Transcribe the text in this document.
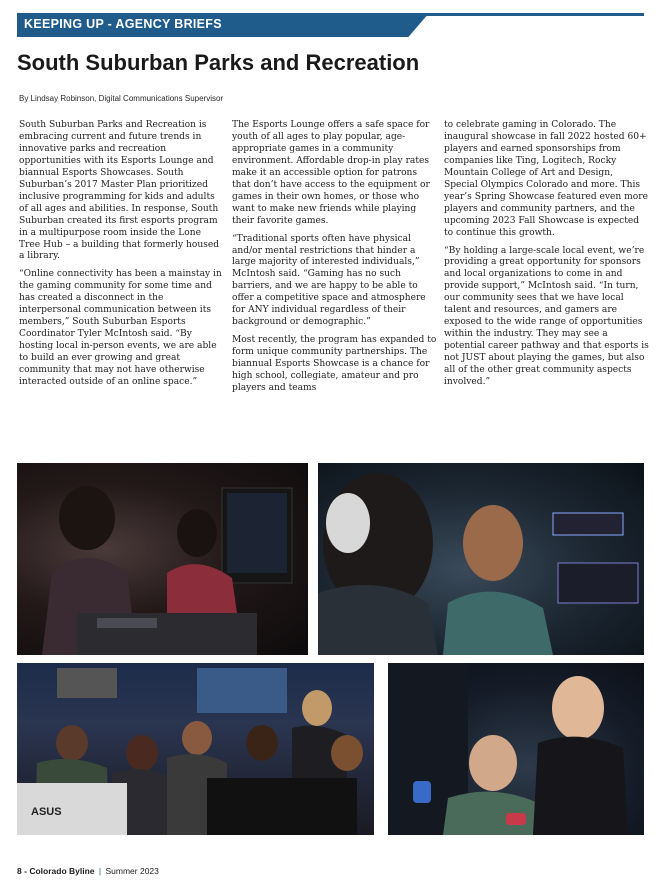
KEEPING UP - AGENCY BRIEFS
South Suburban Parks and Recreation
By Lindsay Robinson, Digital Communications Supervisor

South Suburban Parks and Recreation is embracing current and future trends in innovative parks and recreation opportunities with its Esports Lounge and biannual Esports Showcases. South Suburban’s 2017 Master Plan prioritized inclusive programming for kids and adults of all ages and abilities. In response, South Suburban created its first esports program in a multipurpose room inside the Lone Tree Hub – a building that formerly housed a library.

“Online connectivity has been a mainstay in the gaming community for some time and has created a disconnect in the interpersonal communication between its members,” South Suburban Esports Coordinator Tyler McIntosh said. “By hosting local in-person events, we are able to build an ever growing and great community that may not have otherwise interacted outside of an online space.”

The Esports Lounge offers a safe space for youth of all ages to play popular, age-appropriate games in a community environment. Affordable drop-in play rates make it an accessible option for patrons that don’t have access to the equipment or games in their own homes, or those who want to make new friends while playing their favorite games.

“Traditional sports often have physical and/or mental restrictions that hinder a large majority of interested individuals,” McIntosh said. “Gaming has no such barriers, and we are happy to be able to offer a competitive space and atmosphere for ANY individual regardless of their background or demographic.”

Most recently, the program has expanded to form unique community partnerships. The biannual Esports Showcase is a chance for high school, collegiate, amateur and pro players and teams

to celebrate gaming in Colorado. The inaugural showcase in fall 2022 hosted 60+ players and earned sponsorships from companies like Ting, Logitech, Rocky Mountain College of Art and Design, Special Olympics Colorado and more. This year’s Spring Showcase featured even more players and community partners, and the upcoming 2023 Fall Showcase is expected to continue this growth.

“By holding a large-scale local event, we’re providing a great opportunity for sponsors and local organizations to come in and provide support,” McIntosh said. “In turn, our community sees that we have local talent and resources, and gamers are exposed to the wide range of opportunities within the industry. They may see a potential career pathway and that esports is not JUST about playing the games, but also all of the other great community aspects involved.”

ASUS
8 - Colorado Byline | Summer 2023
